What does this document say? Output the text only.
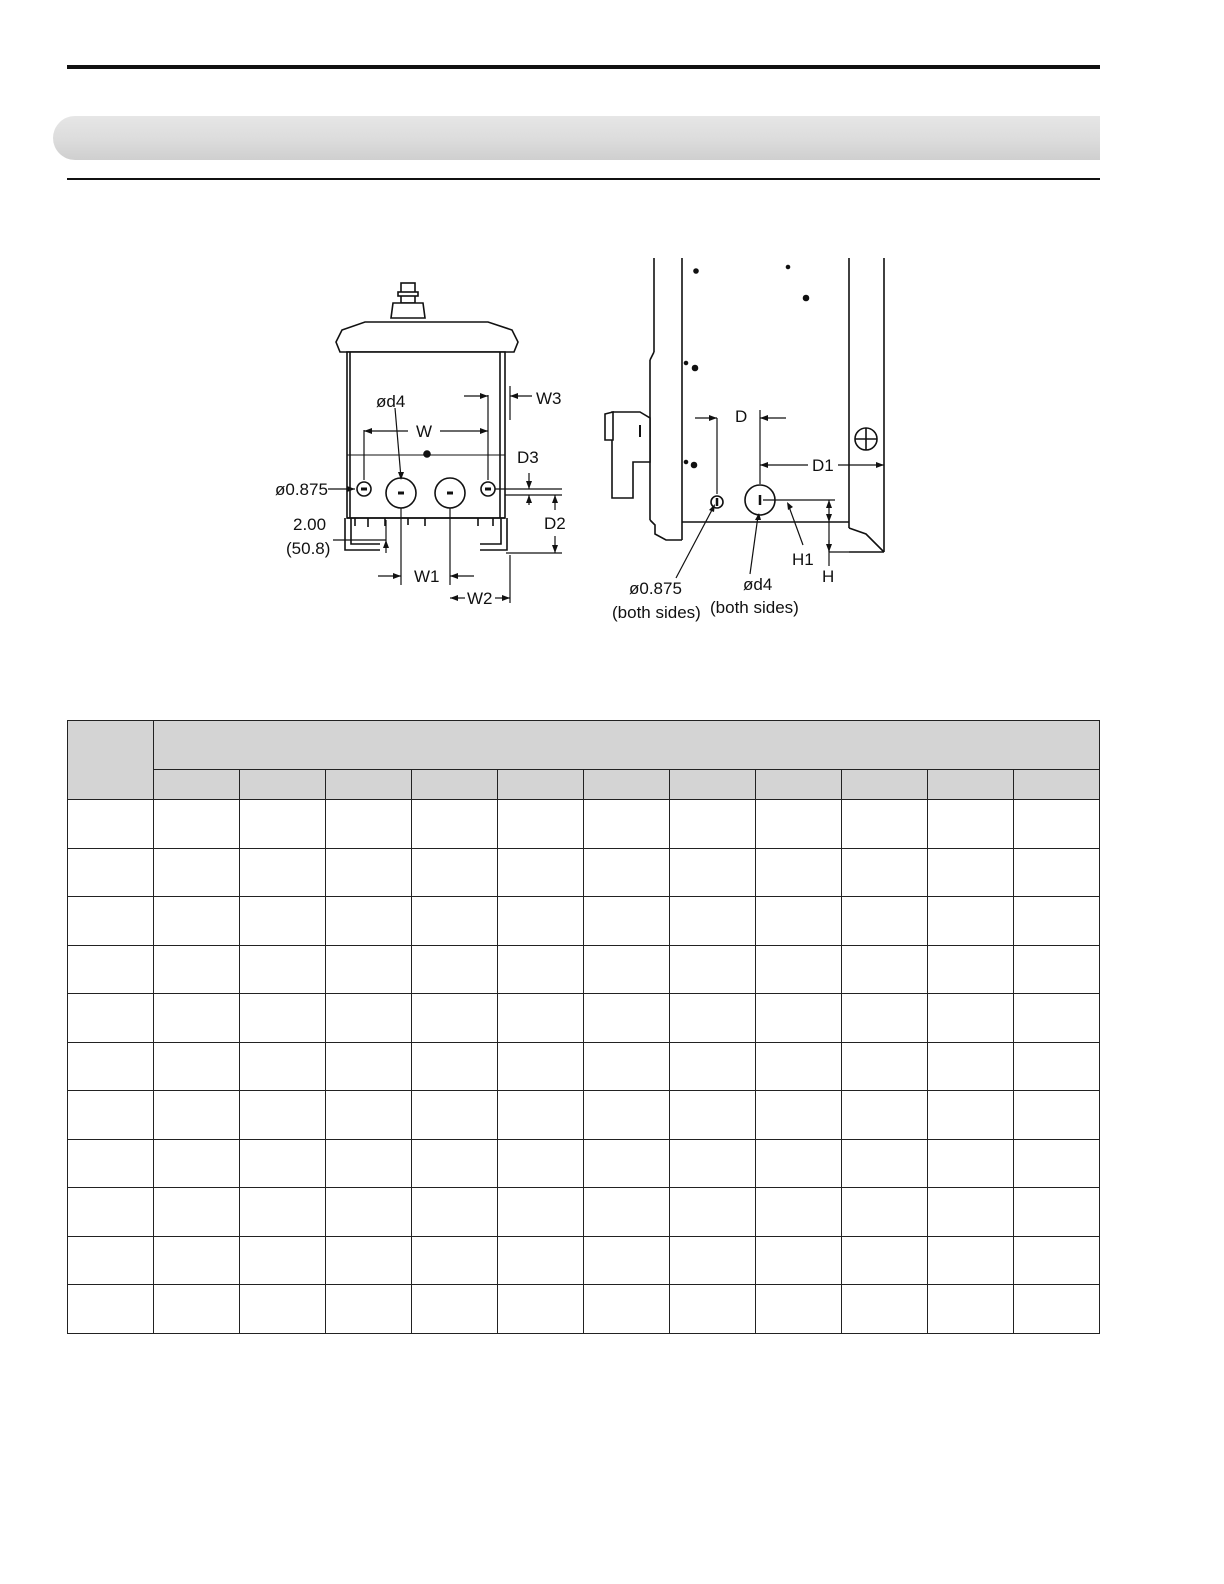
ød4
W
W3
D3
ø0.875
D2
2.00
(50.8)
W1
W2
D
D1
H1
H
ø0.875
(both sides)
ød4
(both sides)
